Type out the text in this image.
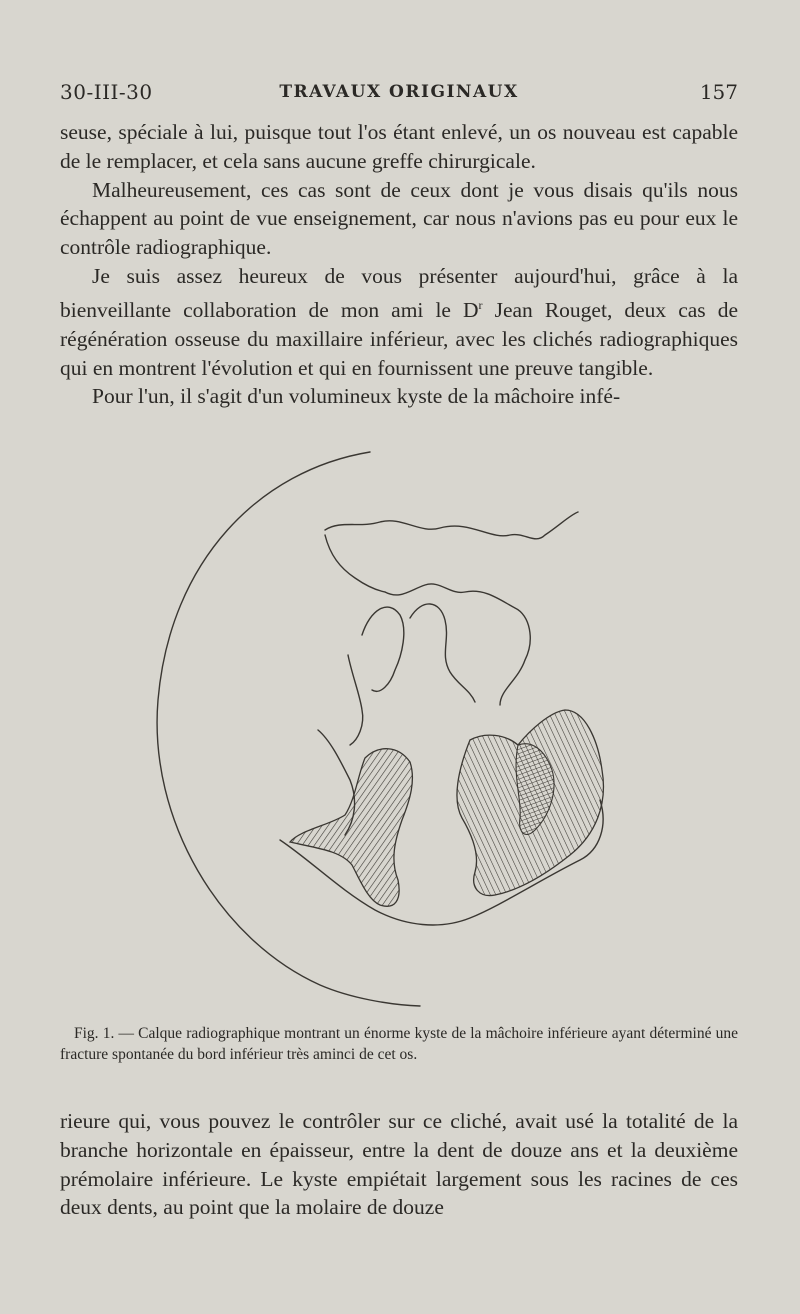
30-III-30	TRAVAUX ORIGINAUX	157

seuse, spéciale à lui, puisque tout l'os étant enlevé, un os nouveau est capable de le remplacer, et cela sans aucune greffe chirurgicale.

Malheureusement, ces cas sont de ceux dont je vous disais qu'ils nous échappent au point de vue enseignement, car nous n'avions pas eu pour eux le contrôle radiographique.

Je suis assez heureux de vous présenter aujourd'hui, grâce à la bienveillante collaboration de mon ami le $D^r$ Jean Rouget, deux cas de régénération osseuse du maxillaire inférieur, avec les clichés radiographiques qui en montrent l'évolution et qui en fournissent une preuve tangible.

Pour l'un, il s'agit d'un volumineux kyste de la mâchoire infé-

Fig. 1. — Calque radiographique montrant un énorme kyste de la mâchoire inférieure ayant déterminé une fracture spontanée du bord inférieur très aminci de cet os.

rieure qui, vous pouvez le contrôler sur ce cliché, avait usé la totalité de la branche horizontale en épaisseur, entre la dent de douze ans et la deuxième prémolaire inférieure. Le kyste empiétait largement sous les racines de ces deux dents, au point que la molaire de douze
